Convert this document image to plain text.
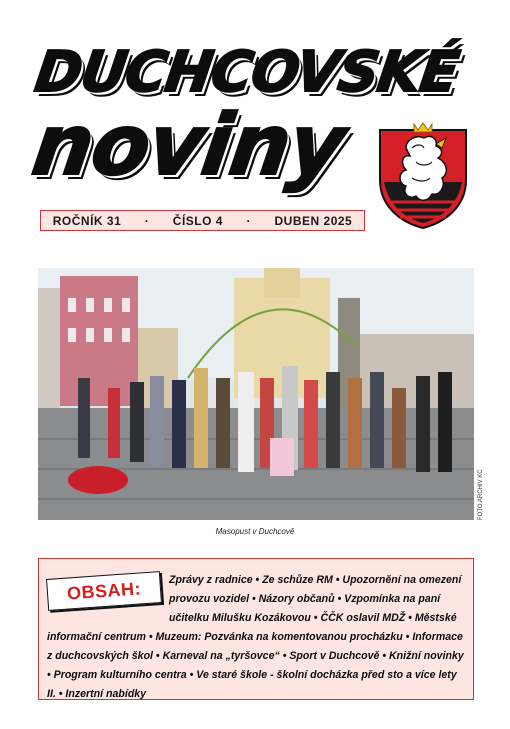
DUCHCOVSKÉ
noviny
ROČNÍK 31 · ČÍSLO 4 · DUBEN 2025
FOTO ARCHIV KC
Masopust v Duchcově
OBSAH:	Zprávy z radnice • Ze schůze RM • Upozornění na omezení provozu vozidel • Názory občanů • Vzpomínka na paní učitelku Milušku Kozákovou • ČČK oslavil MDŽ • Městské informační centrum • Muzeum: Pozvánka na komentovanou procházku • Informace z duchcovských škol • Karneval na „tyršovce“ • Sport v Duchcově • Knižní novinky • Program kulturního centra • Ve staré škole - školní docházka před sto a více lety II. • Inzertní nabídky
